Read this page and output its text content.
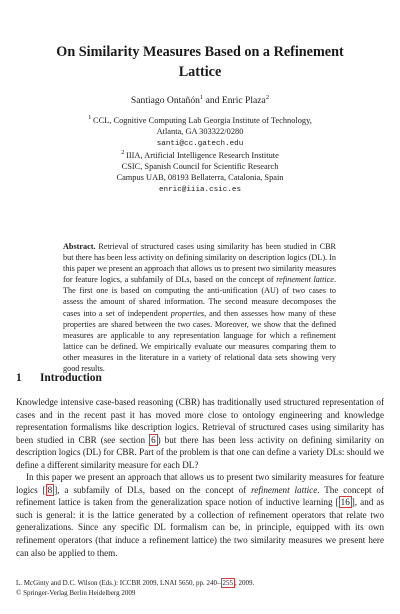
On Similarity Measures Based on a Refinement
Lattice
Santiago Ontañón$^1$ and Enric Plaza$^2$
$^1$ CCL, Cognitive Computing Lab Georgia Institute of Technology,
Atlanta, GA 303322/0280
santi@cc.gatech.edu
$^2$ IIIA, Artificial Intelligence Research Institute
CSIC, Spanish Council for Scientific Research
Campus UAB, 08193 Bellaterra, Catalonia, Spain
enric@iiia.csic.es
Abstract. Retrieval of structured cases using similarity has been studied in CBR but there has been less activity on defining similarity on description logics (DL). In this paper we present an approach that allows us to present two similarity measures for feature logics, a subfamily of DLs, based on the concept of refinement lattice. The first one is based on computing the anti-unification (AU) of two cases to assess the amount of shared information. The second measure decomposes the cases into a set of independent properties, and then assesses how many of these properties are shared between the two cases. Moreover, we show that the defined measures are applicable to any representation language for which a refinement lattice can be defined. We empirically evaluate our measures comparing them to other measures in the literature in a variety of relational data sets showing very good results.
1 Introduction

Knowledge intensive case-based reasoning (CBR) has traditionally used structured representation of cases and in the recent past it has moved more close to ontology engineering and knowledge representation formalisms like description logics. Retrieval of structured cases using similarity has been studied in CBR (see section 6 ) but there has been less activity on defining similarity on description logics (DL) for CBR. Part of the problem is that one can define a variety DLs: should we define a different similarity measure for each DL?

In this paper we present an approach that allows us to present two similarity measures for feature logics [ 8 ], a subfamily of DLs, based on the concept of refinement lattice. The concept of refinement lattice is taken from the generalization space notion of inductive learning [ 16 ], and as such is general: it is the lattice generated by a collection of refinement operators that relate two generalizations. Since any specific DL formalism can be, in principle, equipped with its own refinement operators (that induce a refinement lattice) the two similarity measures we present here can also be applied to them.

L. McGinty and D.C. Wilson (Eds.): ICCBR 2009, LNAI 5650, pp. 240– 255 , 2009.
© Springer-Verlag Berlin Heidelberg 2009
